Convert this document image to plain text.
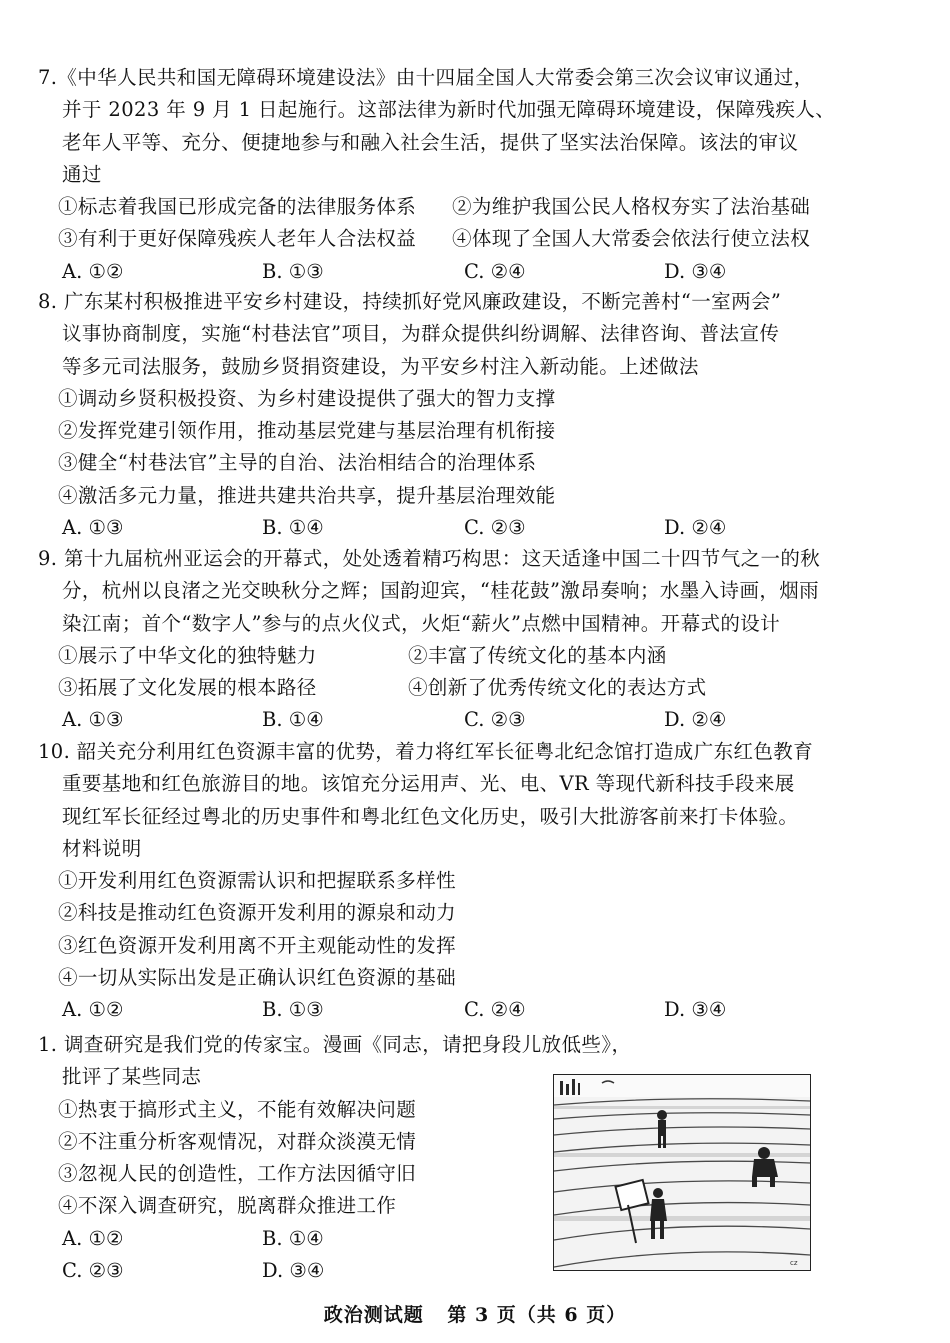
7.《中华人民共和国无障碍环境建设法》由十四届全国人大常委会第三次会议审议通过，
并于 2023 年 9 月 1 日起施行。这部法律为新时代加强无障碍环境建设，保障残疾人、
老年人平等、充分、便捷地参与和融入社会生活，提供了坚实法治保障。该法的审议
通过
①标志着我国已形成完备的法律服务体系 ②为维护我国公民人格权夯实了法治基础
③有利于更好保障残疾人老年人合法权益 ④体现了全国人大常委会依法行使立法权
A. ①②	B. ①③	C. ②④	D. ③④
8. 广东某村积极推进平安乡村建设，持续抓好党风廉政建设，不断完善村“一室两会”
议事协商制度，实施“村巷法官”项目，为群众提供纠纷调解、法律咨询、普法宣传
等多元司法服务，鼓励乡贤捐资建设，为平安乡村注入新动能。上述做法
①调动乡贤积极投资、为乡村建设提供了强大的智力支撑
②发挥党建引领作用，推动基层党建与基层治理有机衔接
③健全“村巷法官”主导的自治、法治相结合的治理体系
④激活多元力量，推进共建共治共享，提升基层治理效能
A. ①③	B. ①④	C. ②③	D. ②④
9. 第十九届杭州亚运会的开幕式，处处透着精巧构思：这天适逢中国二十四节气之一的秋
分，杭州以良渚之光交映秋分之辉；国韵迎宾，“桂花鼓”激昂奏响；水墨入诗画，烟雨
染江南；首个“数字人”参与的点火仪式，火炬“薪火”点燃中国精神。开幕式的设计
①展示了中华文化的独特魅力	②丰富了传统文化的基本内涵
③拓展了文化发展的根本路径	④创新了优秀传统文化的表达方式
A. ①③	B. ①④	C. ②③	D. ②④
10. 韶关充分利用红色资源丰富的优势，着力将红军长征粤北纪念馆打造成广东红色教育
重要基地和红色旅游目的地。该馆充分运用声、光、电、VR 等现代新科技手段来展
现红军长征经过粤北的历史事件和粤北红色文化历史，吸引大批游客前来打卡体验。
材料说明
①开发利用红色资源需认识和把握联系多样性
②科技是推动红色资源开发利用的源泉和动力
③红色资源开发利用离不开主观能动性的发挥
④一切从实际出发是正确认识红色资源的基础
A. ①②	B. ①③	C. ②④	D. ③④
1. 调查研究是我们党的传家宝。漫画《同志，请把身段儿放低些》，
批评了某些同志
①热衷于搞形式主义，不能有效解决问题
②不注重分析客观情况，对群众淡漠无情
③忽视人民的创造性，工作方法因循守旧
④不深入调查研究，脱离群众推进工作
A. ①②	B. ①④
C. ②③	D. ③④	cz
政治测试题 第 3 页（共 6 页）
